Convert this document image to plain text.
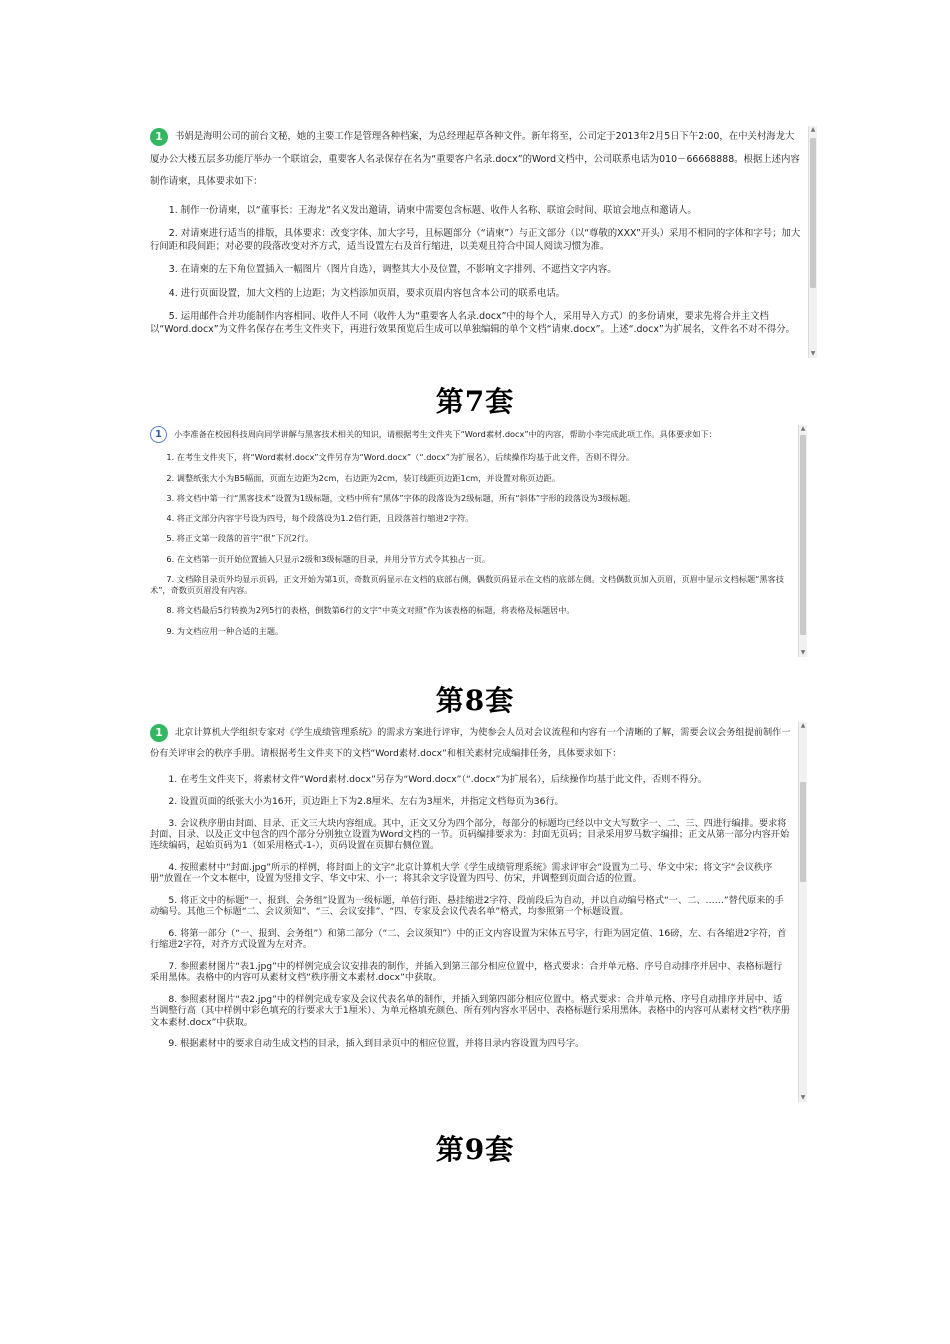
1 书娟是海明公司的前台文秘，她的主要工作是管理各种档案，为总经理起草各种文件。新年将至，公司定于2013年2月5日下午2:00，在中关村海龙大厦办公大楼五层多功能厅举办一个联谊会，重要客人名录保存在名为“重要客户名录.docx”的Word文档中，公司联系电话为010－66668888。根据上述内容制作请柬，具体要求如下：

1. 制作一份请柬，以“董事长：王海龙”名义发出邀请，请柬中需要包含标题、收件人名称、联谊会时间、联谊会地点和邀请人。

2. 对请柬进行适当的排版，具体要求：改变字体、加大字号，且标题部分（“请柬”）与正文部分（以“尊敬的XXX”开头）采用不相同的字体和字号；加大行间距和段间距；对必要的段落改变对齐方式，适当设置左右及首行缩进，以美观且符合中国人阅读习惯为准。

3. 在请柬的左下角位置插入一幅图片（图片自选），调整其大小及位置，不影响文字排列、不遮挡文字内容。

4. 进行页面设置，加大文档的上边距；为文档添加页眉，要求页眉内容包含本公司的联系电话。

5. 运用邮件合并功能制作内容相同、收件人不同（收件人为“重要客人名录.docx”中的每个人，采用导入方式）的多份请柬，要求先将合并主文档以“Word.docx”为文件名保存在考生文件夹下，再进行效果预览后生成可以单独编辑的单个文档“请柬.docx”。上述“.docx”为扩展名，文件名不对不得分。

▲
▼
第7套

1 小李准备在校园科技周向同学讲解与黑客技术相关的知识，请根据考生文件夹下“Word素材.docx”中的内容，帮助小李完成此项工作。具体要求如下：

1. 在考生文件夹下，将“Word素材.docx”文件另存为“Word.docx”（“.docx”为扩展名），后续操作均基于此文件，否则不得分。

2. 调整纸张大小为B5幅面，页面左边距为2cm，右边距为2cm，装订线距页边距1cm，并设置对称页边距。

3. 将文档中第一行“黑客技术”设置为1级标题，文档中所有“黑体”字体的段落设为2级标题，所有“斜体”字形的段落设为3级标题。

4. 将正文部分内容字号设为四号，每个段落设为1.2倍行距，且段落首行缩进2字符。

5. 将正文第一段落的首字“很”下沉2行。

6. 在文档第一页开始位置插入只显示2级和3级标题的目录，并用分节方式令其独占一页。

7. 文档除目录页外均显示页码，正文开始为第1页，奇数页码显示在文档的底部右侧，偶数页码显示在文档的底部左侧。文档偶数页加入页眉，页眉中显示文档标题“黑客技术”，奇数页页眉没有内容。

8. 将文档最后5行转换为2列5行的表格，倒数第6行的文字“中英文对照”作为该表格的标题，将表格及标题居中。

9. 为文档应用一种合适的主题。

▲
▼
第8套

1 北京计算机大学组织专家对《学生成绩管理系统》的需求方案进行评审，为使参会人员对会议流程和内容有一个清晰的了解，需要会议会务组提前制作一份有关评审会的秩序手册。请根据考生文件夹下的文档“Word素材.docx”和相关素材完成编排任务，具体要求如下：

1. 在考生文件夹下，将素材文件“Word素材.docx”另存为“Word.docx”（“.docx”为扩展名），后续操作均基于此文件，否则不得分。

2. 设置页面的纸张大小为16开，页边距上下为2.8厘米、左右为3厘米，并指定文档每页为36行。

3. 会议秩序册由封面、目录、正文三大块内容组成。其中，正文又分为四个部分，每部分的标题均已经以中文大写数字一、二、三、四进行编排。要求将封面、目录、以及正文中包含的四个部分分别独立设置为Word文档的一节。页码编排要求为：封面无页码；目录采用罗马数字编排；正文从第一部分内容开始连续编码，起始页码为1（如采用格式-1-），页码设置在页脚右侧位置。

4. 按照素材中“封面.jpg”所示的样例，将封面上的文字“北京计算机大学《学生成绩管理系统》需求评审会”设置为二号、华文中宋；将文字“会议秩序册”放置在一个文本框中，设置为竖排文字、华文中宋、小一；将其余文字设置为四号、仿宋，并调整到页面合适的位置。

5. 将正文中的标题“一、报到、会务组”设置为一级标题，单倍行距、悬挂缩进2字符、段前段后为自动，并以自动编号格式“一、二、……”替代原来的手动编号。其他三个标题“二、会议须知”、“三、会议安排”、“四、专家及会议代表名单”格式，均参照第一个标题设置。

6. 将第一部分（“一、报到、会务组”）和第二部分（“二、会议须知”）中的正文内容设置为宋体五号字，行距为固定值、16磅，左、右各缩进2字符，首行缩进2字符，对齐方式设置为左对齐。

7. 参照素材图片“表1.jpg”中的样例完成会议安排表的制作，并插入到第三部分相应位置中，格式要求：合并单元格、序号自动排序并居中、表格标题行采用黑体。表格中的内容可从素材文档“秩序册文本素材.docx”中获取。

8. 参照素材图片“表2.jpg”中的样例完成专家及会议代表名单的制作，并插入到第四部分相应位置中。格式要求：合并单元格、序号自动排序并居中、适当调整行高（其中样例中彩色填充的行要求大于1厘米）、为单元格填充颜色、所有列内容水平居中、表格标题行采用黑体。表格中的内容可从素材文档“秩序册文本素材.docx”中获取。

9. 根据素材中的要求自动生成文档的目录，插入到目录页中的相应位置，并将目录内容设置为四号字。

▲
▼
第9套
